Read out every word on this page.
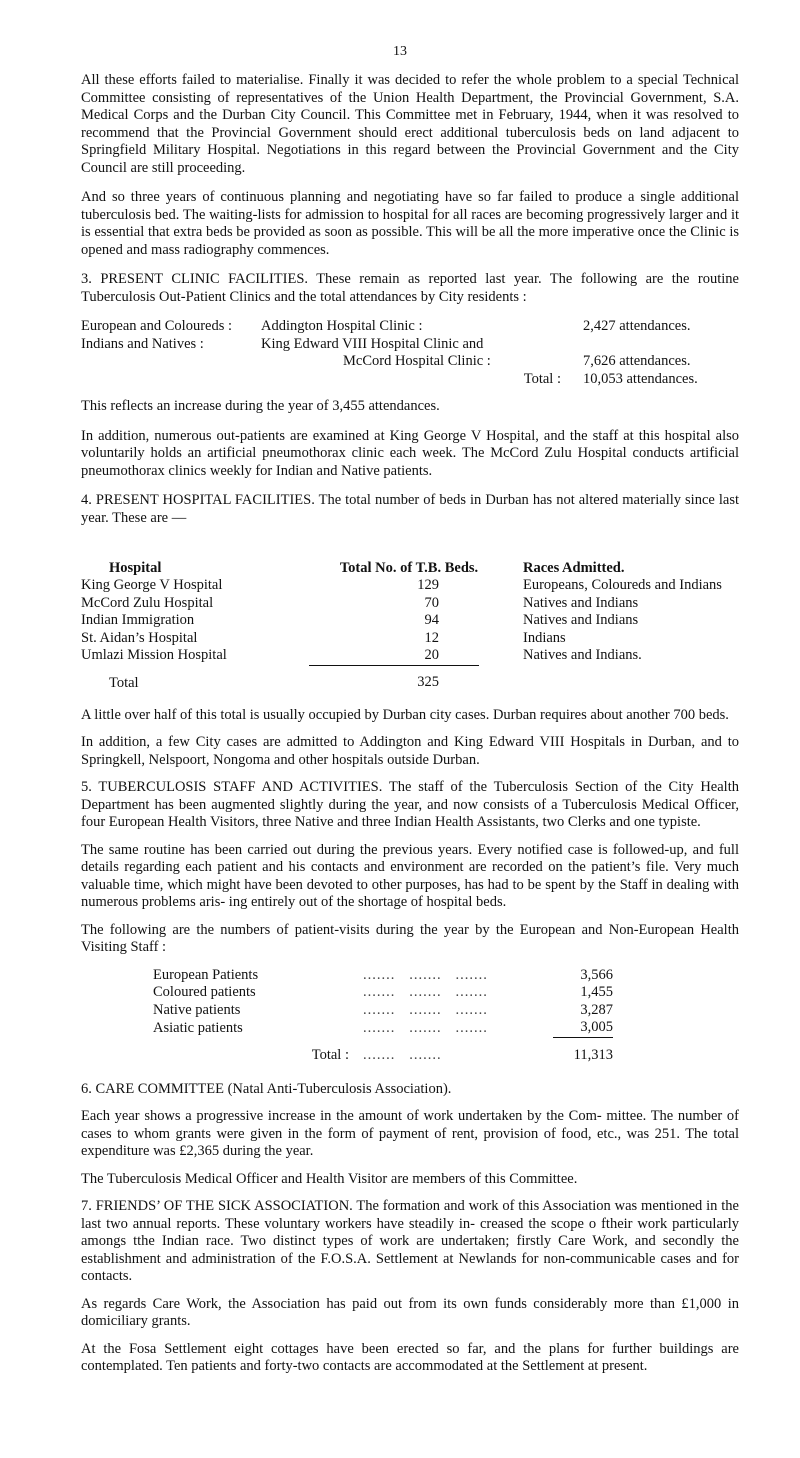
13

All these efforts failed to materialise. Finally it was decided to refer the whole problem to a special Technical Committee consisting of representatives of the Union Health Department, the Provincial Government, S.A. Medical Corps and the Durban City Council. This Committee met in February, 1944, when it was resolved to recommend that the Provincial Government should erect additional tuberculosis beds on land adjacent to Springfield Military Hospital. Negotiations in this regard between the Provincial Government and the City Council are still proceeding.

And so three years of continuous planning and negotiating have so far failed to produce a single additional tuberculosis bed. The waiting-lists for admission to hospital for all races are becoming progressively larger and it is essential that extra beds be provided as soon as possible. This will be all the more imperative once the Clinic is opened and mass radiography commences.

3. PRESENT CLINIC FACILITIES. These remain as reported last year. The following are the routine Tuberculosis Out-Patient Clinics and the total attendances by City residents :

European and Coloureds :	Addington Hospital Clinic :	2,427 attendances.
Indians and Natives :	King Edward VIII Hospital Clinic and	
	McCord Hospital Clinic :	7,626 attendances.
	Total :	10,053 attendances.

This reflects an increase during the year of 3,455 attendances.

In addition, numerous out-patients are examined at King George V Hospital, and the staff at this hospital also voluntarily holds an artificial pneumothorax clinic each week. The McCord Zulu Hospital conducts artificial pneumothorax clinics weekly for Indian and Native patients.

4. PRESENT HOSPITAL FACILITIES. The total number of beds in Durban has not altered materially since last year. These are —

Hospital	Total No. of T.B. Beds.	Races Admitted.
King George V Hospital	129	Europeans, Coloureds and Indians
McCord Zulu Hospital	70	Natives and Indians
Indian Immigration	94	Natives and Indians
St. Aidan’s Hospital	12	Indians
Umlazi Mission Hospital	20	Natives and Indians.
Total	325	

A little over half of this total is usually occupied by Durban city cases. Durban requires about another 700 beds.

In addition, a few City cases are admitted to Addington and King Edward VIII Hospitals in Durban, and to Springkell, Nelspoort, Nongoma and other hospitals outside Durban.

5. TUBERCULOSIS STAFF AND ACTIVITIES. The staff of the Tuberculosis Section of the City Health Department has been augmented slightly during the year, and now consists of a Tuberculosis Medical Officer, four European Health Visitors, three Native and three Indian Health Assistants, two Clerks and one typiste.

The same routine has been carried out during the previous years. Every notified case is followed-up, and full details regarding each patient and his contacts and environment are recorded on the patient’s file. Very much valuable time, which might have been devoted to other purposes, has had to be spent by the Staff in dealing with numerous problems aris- ing entirely out of the shortage of hospital beds.

The following are the numbers of patient-visits during the year by the European and Non-European Health Visiting Staff :

European Patients	.......   .......   .......	3,566
Coloured patients	.......   .......   .......	1,455
Native patients	.......   .......   .......	3,287
Asiatic patients	.......   .......   .......	3,005
Total :	.......   .......	11,313

6. CARE COMMITTEE (Natal Anti-Tuberculosis Association).

Each year shows a progressive increase in the amount of work undertaken by the Com- mittee. The number of cases to whom grants were given in the form of payment of rent, provision of food, etc., was 251. The total expenditure was £2,365 during the year.

The Tuberculosis Medical Officer and Health Visitor are members of this Committee.

7. FRIENDS’ OF THE SICK ASSOCIATION. The formation and work of this Association was mentioned in the last two annual reports. These voluntary workers have steadily in- creased the scope o ftheir work particularly amongs tthe Indian race. Two distinct types of work are undertaken; firstly Care Work, and secondly the establishment and administration of the F.O.S.A. Settlement at Newlands for non-communicable cases and for contacts.

As regards Care Work, the Association has paid out from its own funds considerably more than £1,000 in domiciliary grants.

At the Fosa Settlement eight cottages have been erected so far, and the plans for further buildings are contemplated. Ten patients and forty-two contacts are accommodated at the Settlement at present.
